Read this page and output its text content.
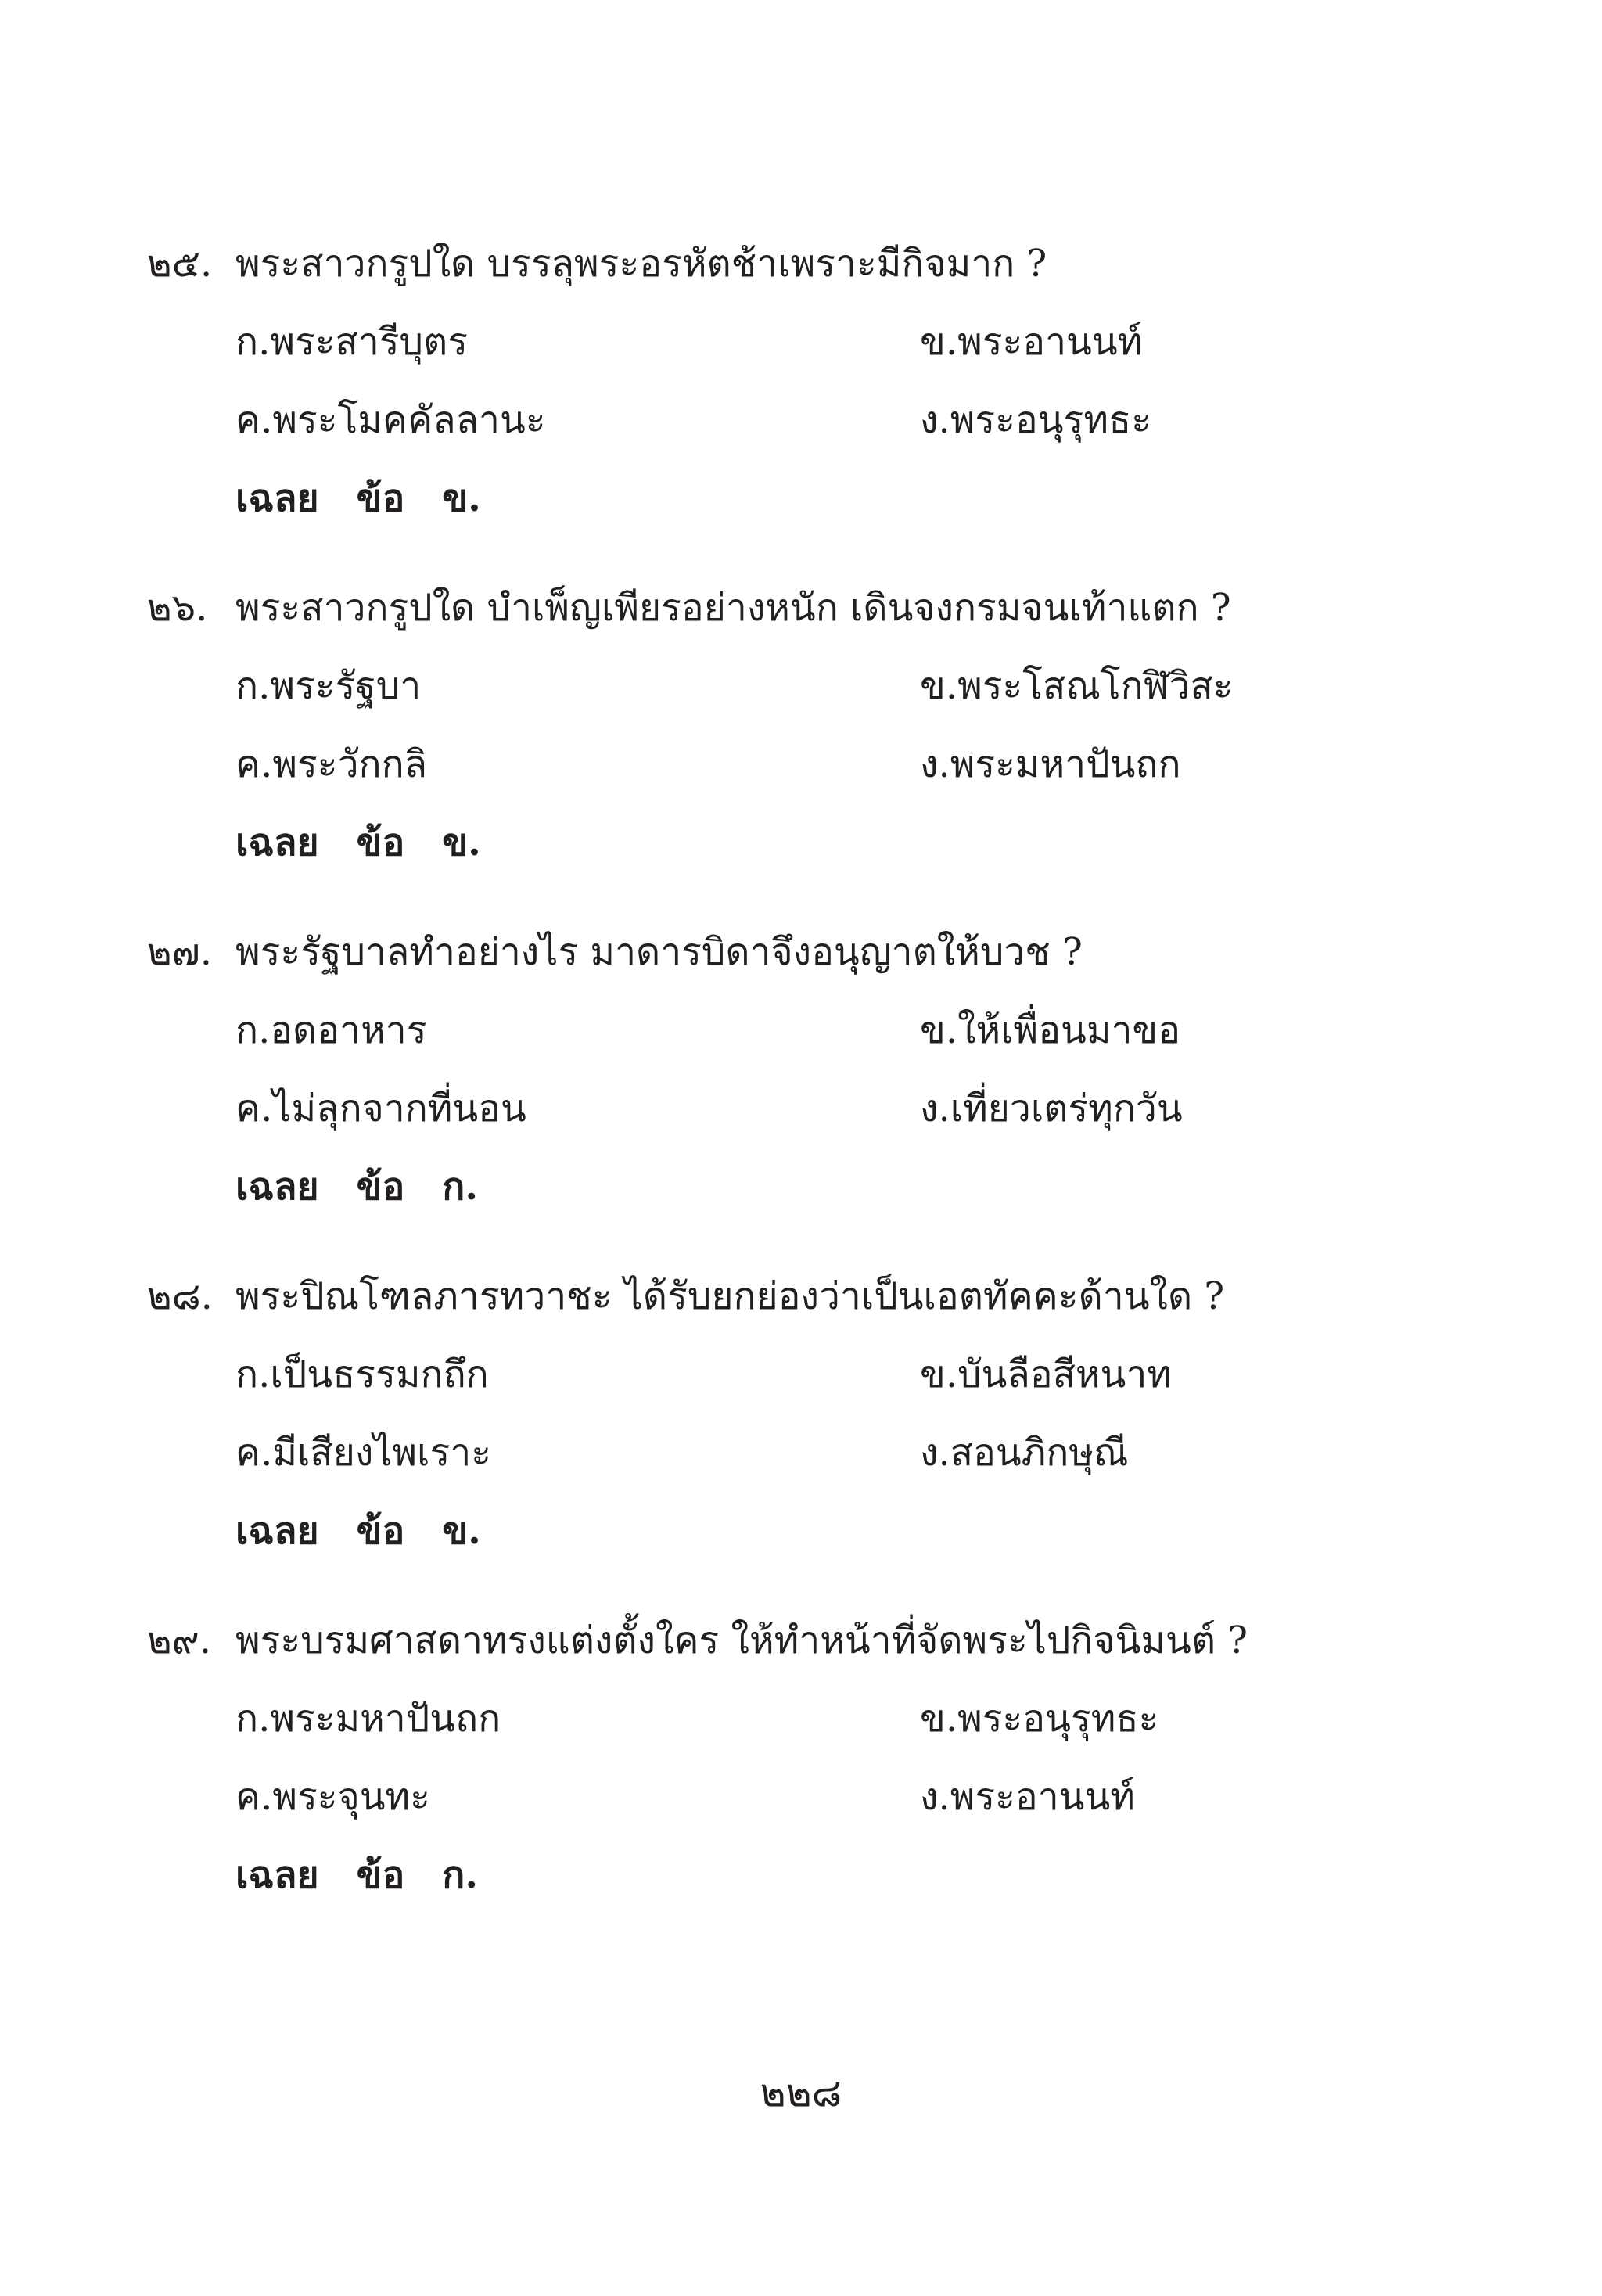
๒๕. พระสาวกรูปใด บรรลุพระอรหัตช้าเพราะมีกิจมาก ?
ก.พระสารีบุตร	ข.พระอานนท์
ค.พระโมคคัลลานะ	ง.พระอนุรุทธะ
เฉลย ข้อ ข.
๒๖. พระสาวกรูปใด บำเพ็ญเพียรอย่างหนัก เดินจงกรมจนเท้าแตก ?
ก.พระรัฐบา	ข.พระโสณโกฬิวิสะ
ค.พระวักกลิ	ง.พระมหาปันถก
เฉลย ข้อ ข.
๒๗. พระรัฐบาลทำอย่างไร มาดารบิดาจึงอนุญาตให้บวช ?
ก.อดอาหาร	ข.ให้เพื่อนมาขอ
ค.ไม่ลุกจากที่นอน	ง.เที่ยวเตร่ทุกวัน
เฉลย ข้อ ก.
๒๘. พระปิณโฑลภารทวาชะ ได้รับยกย่องว่าเป็นเอตทัคคะด้านใด ?
ก.เป็นธรรมกถึก	ข.บันลือสีหนาท
ค.มีเสียงไพเราะ	ง.สอนภิกษุณี
เฉลย ข้อ ข.
๒๙. พระบรมศาสดาทรงแต่งตั้งใคร ให้ทำหน้าที่จัดพระไปกิจนิมนต์ ?
ก.พระมหาปันถก	ข.พระอนุรุทธะ
ค.พระจุนทะ	ง.พระอานนท์
เฉลย ข้อ ก.
๒๒๘
